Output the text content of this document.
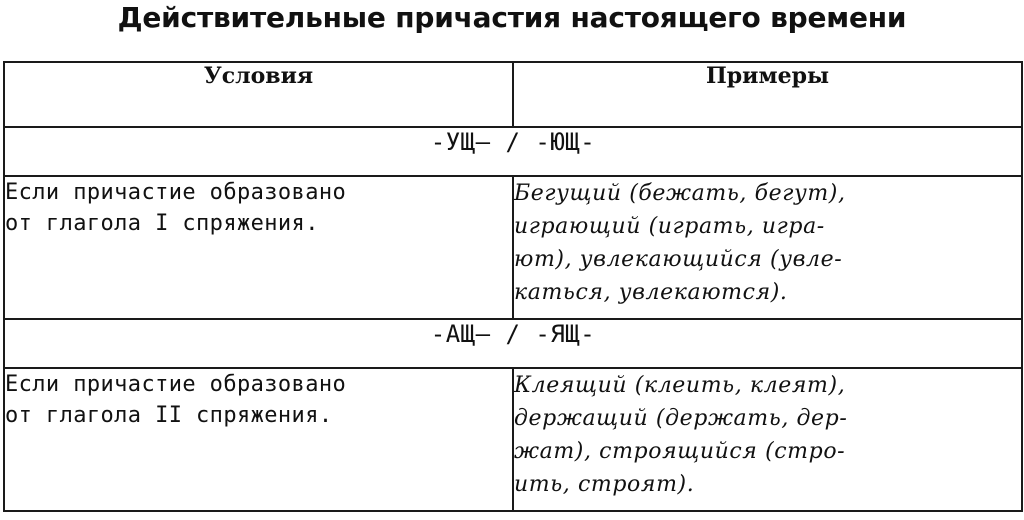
Действительные причастия настоящего времени
Условия	Примеры
-УЩ– / -ЮЩ-	

Если причастие образовано
от глагола I спряжения.	Бегущий (бежать, бегут),
играющий (играть, игра-
ют), увлекающийся (увле-
каться, увлекаются).

-АЩ– / -ЯЩ-	

Если причастие образовано
от глагола II спряжения.	Клеящий (клеить, клеят),
держащий (держать, дер-
жат), строящийся (стро-
ить, строят).
